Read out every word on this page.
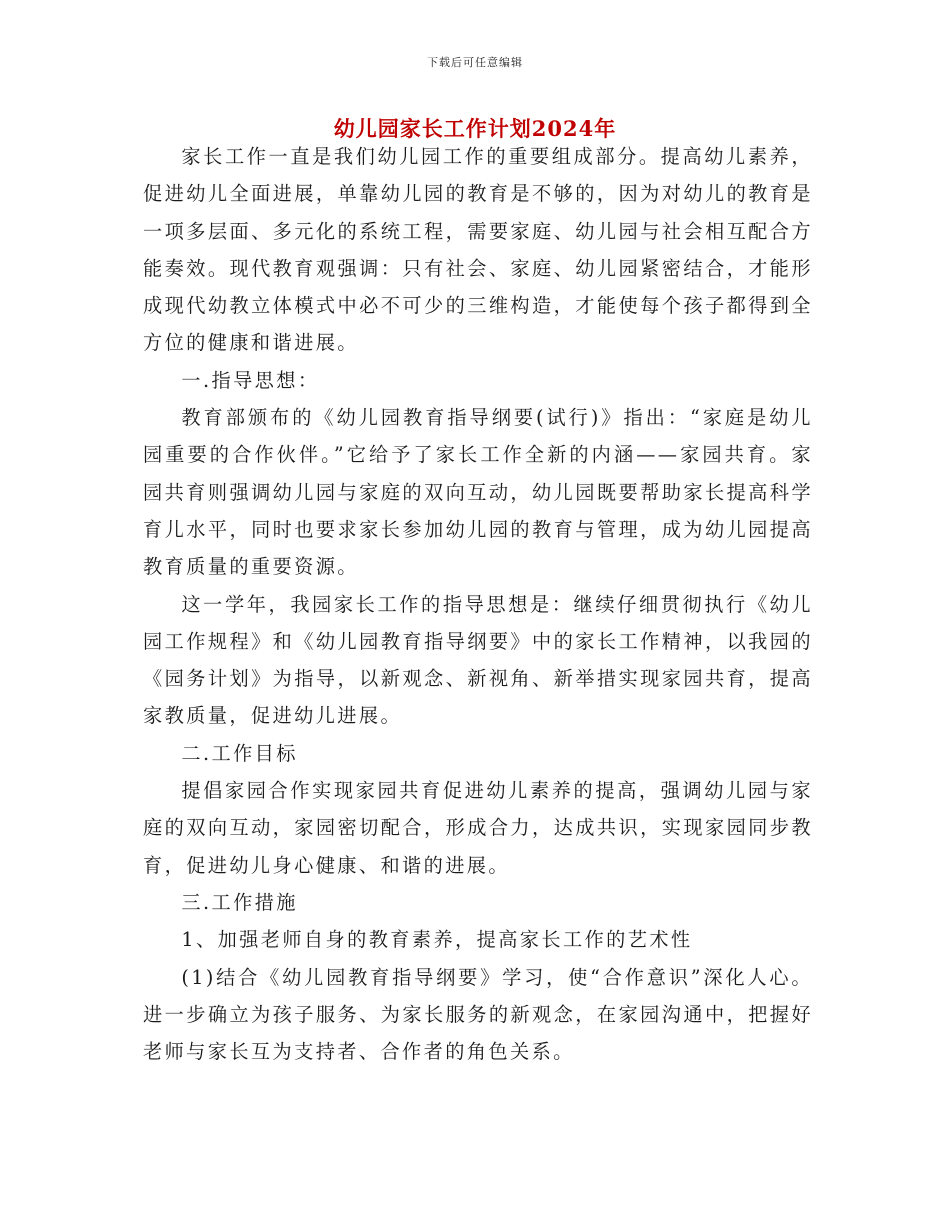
下载后可任意编辑
幼儿园家长工作计划2024年

家长工作一直是我们幼儿园工作的重要组成部分。提高幼儿素养，促进幼儿全面进展，单靠幼儿园的教育是不够的，因为对幼儿的教育是一项多层面、多元化的系统工程，需要家庭、幼儿园与社会相互配合方能奏效。现代教育观强调：只有社会、家庭、幼儿园紧密结合，才能形成现代幼教立体模式中必不可少的三维构造，才能使每个孩子都得到全方位的健康和谐进展。

一.指导思想：

教育部颁布的《幼儿园教育指导纲要(试行)》指出：“家庭是幼儿园重要的合作伙伴。”它给予了家长工作全新的内涵——家园共育。家园共育则强调幼儿园与家庭的双向互动，幼儿园既要帮助家长提高科学育儿水平，同时也要求家长参加幼儿园的教育与管理，成为幼儿园提高教育质量的重要资源。

这一学年，我园家长工作的指导思想是：继续仔细贯彻执行《幼儿园工作规程》和《幼儿园教育指导纲要》中的家长工作精神，以我园的《园务计划》为指导，以新观念、新视角、新举措实现家园共育，提高家教质量，促进幼儿进展。

二.工作目标

提倡家园合作实现家园共育促进幼儿素养的提高，强调幼儿园与家庭的双向互动，家园密切配合，形成合力，达成共识，实现家园同步教育，促进幼儿身心健康、和谐的进展。

三.工作措施

1、加强老师自身的教育素养，提高家长工作的艺术性

(1)结合《幼儿园教育指导纲要》学习，使“合作意识”深化人心。进一步确立为孩子服务、为家长服务的新观念，在家园沟通中，把握好老师与家长互为支持者、合作者的角色关系。
